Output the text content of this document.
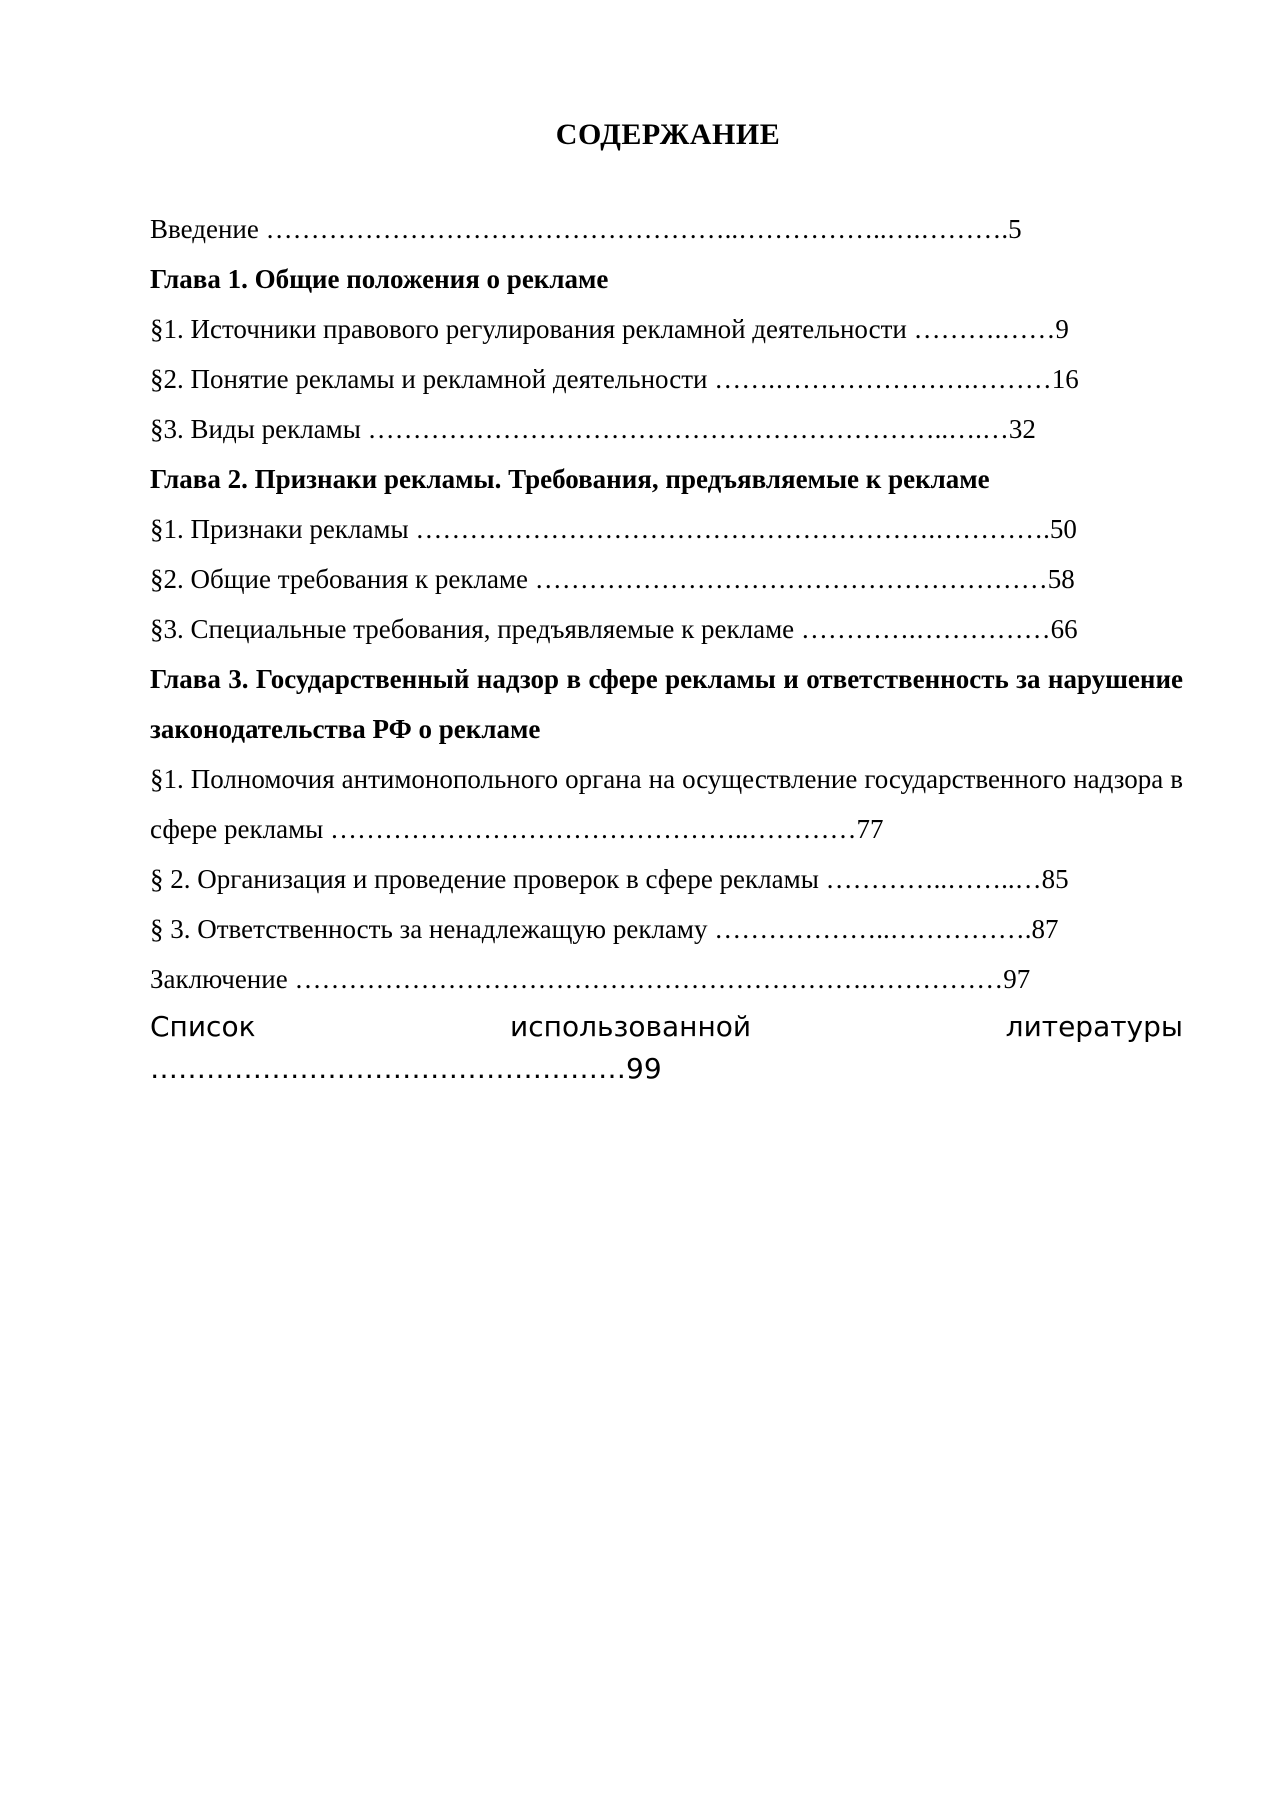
СОДЕРЖАНИЕ

Введение ……………………………………………..……………..….……….5

Глава 1. Общие положения о рекламе

§1. Источники правового регулирования рекламной деятельности ……….……9

§2. Понятие рекламы и рекламной деятельности …….………………….………16

§3. Виды рекламы ………………………………………………………..….…32

Глава 2. Признаки рекламы. Требования, предъявляемые к рекламе

§1. Признаки рекламы ………………………………………………….………….50

§2. Общие требования к рекламе …………………………………………………58

§3. Специальные требования, предъявляемые к рекламе ………….……………66

Глава 3. Государственный надзор в сфере рекламы и ответственность за нарушение законодательства РФ о рекламе

§1. Полномочия антимонопольного органа на осуществление государственного надзора в сфере рекламы ………………………………………..…………77

§ 2. Организация и проведение проверок в сфере рекламы …………..……..…85

§ 3. Ответственность за ненадлежащую рекламу ………………..…………….87

Заключение ……………………………………………………….……………97

Список использованной литературы ……………………………………………99
